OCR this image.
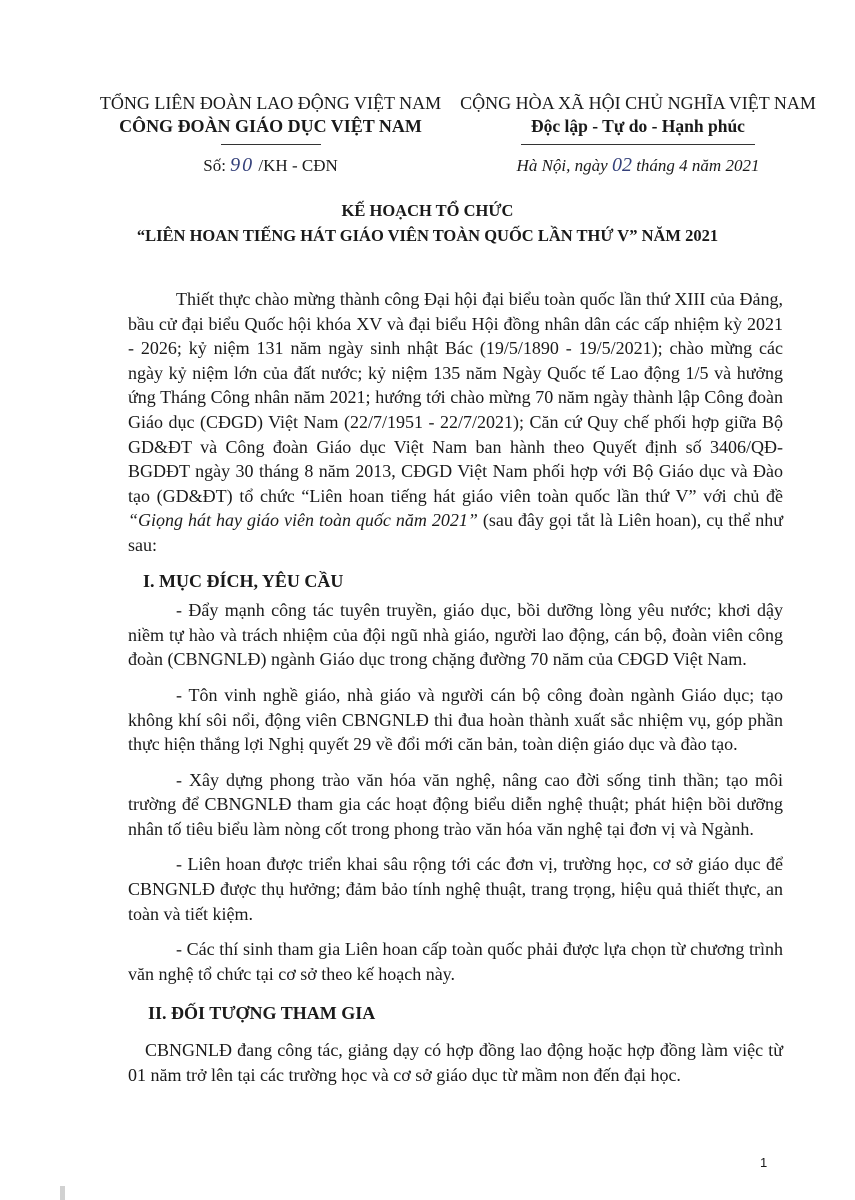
TỔNG LIÊN ĐOÀN LAO ĐỘNG VIỆT NAM
CÔNG ĐOÀN GIÁO DỤC VIỆT NAM
Số: 90 /KH - CĐN
CỘNG HÒA XÃ HỘI CHỦ NGHĨA VIỆT NAM
Độc lập - Tự do - Hạnh phúc
Hà Nội, ngày 02 tháng 4 năm 2021
KẾ HOẠCH TỔ CHỨC
“LIÊN HOAN TIẾNG HÁT GIÁO VIÊN TOÀN QUỐC LẦN THỨ V” NĂM 2021

Thiết thực chào mừng thành công Đại hội đại biểu toàn quốc lần thứ XIII của Đảng, bầu cử đại biểu Quốc hội khóa XV và đại biểu Hội đồng nhân dân các cấp nhiệm kỳ 2021 - 2026; kỷ niệm 131 năm ngày sinh nhật Bác (19/5/1890 - 19/5/2021); chào mừng các ngày kỷ niệm lớn của đất nước; kỷ niệm 135 năm Ngày Quốc tế Lao động 1/5 và hưởng ứng Tháng Công nhân năm 2021; hướng tới chào mừng 70 năm ngày thành lập Công đoàn Giáo dục (CĐGD) Việt Nam (22/7/1951 - 22/7/2021); Căn cứ Quy chế phối hợp giữa Bộ GD&ĐT và Công đoàn Giáo dục Việt Nam ban hành theo Quyết định số 3406/QĐ-BGDĐT ngày 30 tháng 8 năm 2013, CĐGD Việt Nam phối hợp với Bộ Giáo dục và Đào tạo (GD&ĐT) tổ chức “Liên hoan tiếng hát giáo viên toàn quốc lần thứ V” với chủ đề “Giọng hát hay giáo viên toàn quốc năm 2021” (sau đây gọi tắt là Liên hoan), cụ thể như sau:

I. MỤC ĐÍCH, YÊU CẦU

- Đẩy mạnh công tác tuyên truyền, giáo dục, bồi dưỡng lòng yêu nước; khơi dậy niềm tự hào và trách nhiệm của đội ngũ nhà giáo, người lao động, cán bộ, đoàn viên công đoàn (CBNGNLĐ) ngành Giáo dục trong chặng đường 70 năm của CĐGD Việt Nam.

- Tôn vinh nghề giáo, nhà giáo và người cán bộ công đoàn ngành Giáo dục; tạo không khí sôi nổi, động viên CBNGNLĐ thi đua hoàn thành xuất sắc nhiệm vụ, góp phần thực hiện thắng lợi Nghị quyết 29 về đổi mới căn bản, toàn diện giáo dục và đào tạo.

- Xây dựng phong trào văn hóa văn nghệ, nâng cao đời sống tinh thần; tạo môi trường để CBNGNLĐ tham gia các hoạt động biểu diễn nghệ thuật; phát hiện bồi dưỡng nhân tố tiêu biểu làm nòng cốt trong phong trào văn hóa văn nghệ tại đơn vị và Ngành.

- Liên hoan được triển khai sâu rộng tới các đơn vị, trường học, cơ sở giáo dục để CBNGNLĐ được thụ hưởng; đảm bảo tính nghệ thuật, trang trọng, hiệu quả thiết thực, an toàn và tiết kiệm.

- Các thí sinh tham gia Liên hoan cấp toàn quốc phải được lựa chọn từ chương trình văn nghệ tổ chức tại cơ sở theo kế hoạch này.

II. ĐỐI TƯỢNG THAM GIA

CBNGNLĐ đang công tác, giảng dạy có hợp đồng lao động hoặc hợp đồng làm việc từ 01 năm trở lên tại các trường học và cơ sở giáo dục từ mầm non đến đại học.

1
